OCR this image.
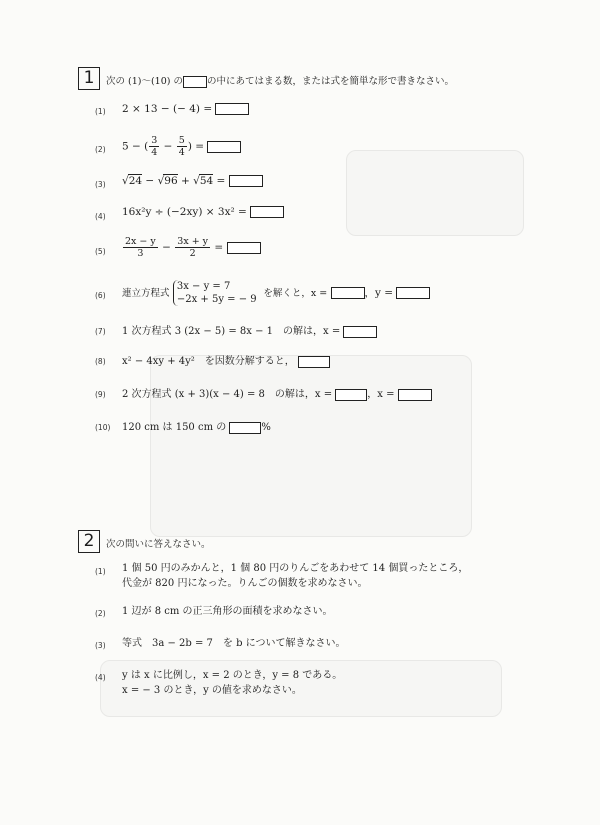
1	次の (1)～(10) の	の中にあてはまる数，または式を簡単な形で書きなさい。
(1) 2 × 13 − (− 4) =
(2) 5 − ( $\frac{3}{4} - \frac{5}{4}$ ) =
(3) √24 − √96 + √54 =
(4) 16x²y ÷ (−2xy) × 3x² =
$(5) \frac{2x - y}{3} - \frac{3x + y}{2}$ =
(6) 連立方程式 3x − y = 7
−2x + 5y = − 9  を解くと，x =	，y =
(7) 1 次方程式 3 (2x − 5) = 8x − 1　の解は，x =
(8) x² − 4xy + 4y²　を因数分解すると，
(9) 2 次方程式 (x + 3)(x − 4) = 8　の解は，x =	，x =
(10) 120 cm は 150 cm の	%
2	次の問いに答えなさい。
(1) 1 個 50 円のみかんと，1 個 80 円のりんごをあわせて 14 個買ったところ，
代金が 820 円になった。りんごの個数を求めなさい。
(2) 1 辺が 8 cm の正三角形の面積を求めなさい。
(3) 等式　3a − 2b = 7　を b について解きなさい。
(4) y は x に比例し，x = 2 のとき，y = 8 である。
x = − 3 のとき，y の値を求めなさい。
